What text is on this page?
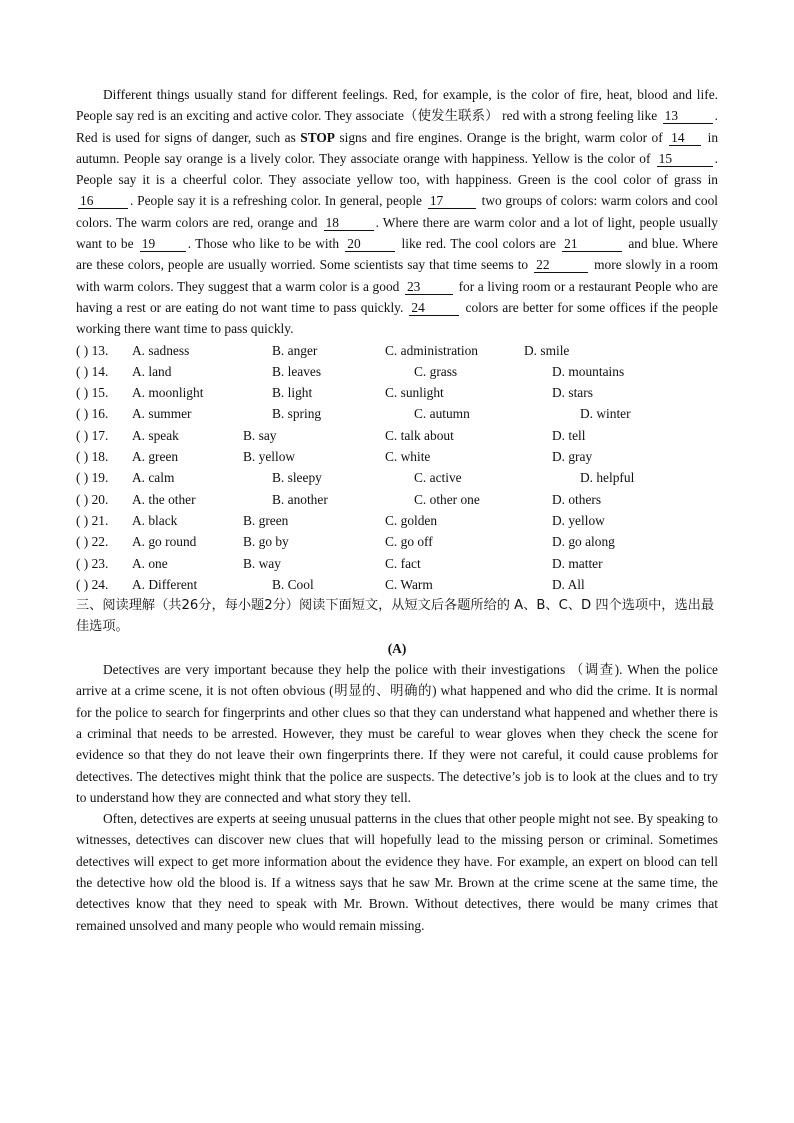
Different things usually stand for different feelings. Red, for example, is the color of fire, heat, blood and life. People say red is an exciting and active color. They associate（使发生联系） red with a strong feeling like 13	. Red is used for signs of danger, such as STOP signs and fire engines. Orange is the bright, warm color of 14 in autumn. People say orange is a lively color. They associate orange with happiness. Yellow is the color of 15	. People say it is a cheerful color. They associate yellow too, with happiness. Green is the cool color of grass in 16	. People say it is a refreshing color. In general, people 17	two groups of colors: warm colors and cool colors. The warm colors are red, orange and 18	. Where there are warm color and a lot of light, people usually want to be 19 . Those who like to be with 20	like red. The cool colors are 21	and blue. Where are these colors, people are usually worried. Some scientists say that time seems to 22	more slowly in a room with warm colors. They suggest that a warm color is a good 23	for a living room or a restaurant People who are having a rest or are eating do not want time to pass quickly. 24	colors are better for some offices if the people working there want time to pass quickly.

( ) 13. A. sadness	B. anger	C. administration	D. smile
( ) 14. A. land	B. leaves	C. grass	D. mountains
( ) 15. A. moonlight	B. light	C. sunlight	D. stars
( ) 16. A. summer	B. spring	C. autumn	D. winter
( ) 17. A. speak	B. say	C. talk about	D. tell
( ) 18. A. green	B. yellow	C. white	D. gray
( ) 19. A. calm	B. sleepy	C. active	D. helpful
( ) 20. A. the other	B. another	C. other one	D. others
( ) 21. A. black	B. green	C. golden	D. yellow
( ) 22. A. go round	B. go by	C. go off	D. go along
( ) 23. A. one	B. way	C. fact	D. matter
( ) 24. A. Different	B. Cool	C. Warm	D. All

三、阅读理解（共26分，每小题2分）阅读下面短文，从短文后各题所给的 A、B、C、D 四个选项中，选出最佳选项。

(A)

Detectives are very important because they help the police with their investigations （调查). When the police arrive at a crime scene, it is not often obvious (明显的、明确的) what happened and who did the crime. It is normal for the police to search for fingerprints and other clues so that they can understand what happened and whether there is a criminal that needs to be arrested. However, they must be careful to wear gloves when they check the scene for evidence so that they do not leave their own fingerprints there. If they were not careful, it could cause problems for detectives. The detectives might think that the police are suspects. The detective’s job is to look at the clues and to try to understand how they are connected and what story they tell.

Often, detectives are experts at seeing unusual patterns in the clues that other people might not see. By speaking to witnesses, detectives can discover new clues that will hopefully lead to the missing person or criminal. Sometimes detectives will expect to get more information about the evidence they have. For example, an expert on blood can tell the detective how old the blood is. If a witness says that he saw Mr. Brown at the crime scene at the same time, the detectives know that they need to speak with Mr. Brown. Without detectives, there would be many crimes that remained unsolved and many people who would remain missing.
